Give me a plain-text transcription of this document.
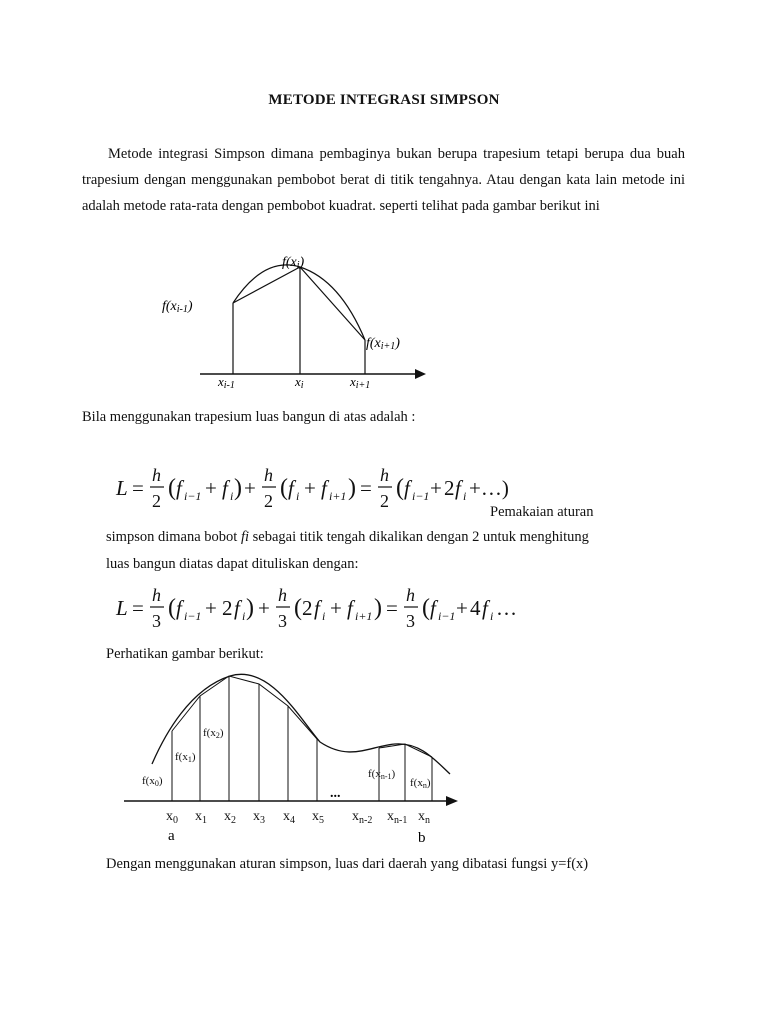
METODE INTEGRASI SIMPSON

Metode integrasi Simpson dimana pembaginya bukan berupa trapesium tetapi berupa dua buah trapesium dengan menggunakan pembobot berat di titik tengahnya. Atau dengan kata lain metode ini adalah metode rata-rata dengan pembobot kuadrat. seperti telihat pada gambar berikut ini

f(xi)
f(xi-1)
f(xi+1)
xi-1	xi	xi+1
Bila menggunakan trapesium luas bangun di atas adalah :
L =
h
2 ( f i−1 + f i ) +
h
2 ( f i + f i+1 ) =
h
2 ( f i−1 + 2 f i +…)
Pemakaian aturan
simpson dimana bobot fi sebagai titik tengah dikalikan dengan 2 untuk menghitung
luas bangun diatas dapat dituliskan dengan:
L =
h
3 ( f i−1 + 2 f i ) +
h
3 ( 2 f i + f i+1 ) =
h
3 ( f i−1 + 4 f i …
Perhatikan gambar berikut:
f(x0)
f(x1)
f(x2)
f(xn-1)
f(xn)
$x_0$ $x_1$ $x_2$ $x_3$ $x_4$ $x_5$ $x_{n-2}$ $x_{n-1}$ $x_n$
...
a	b
Dengan menggunakan aturan simpson, luas dari daerah yang dibatasi fungsi y=f(x)
